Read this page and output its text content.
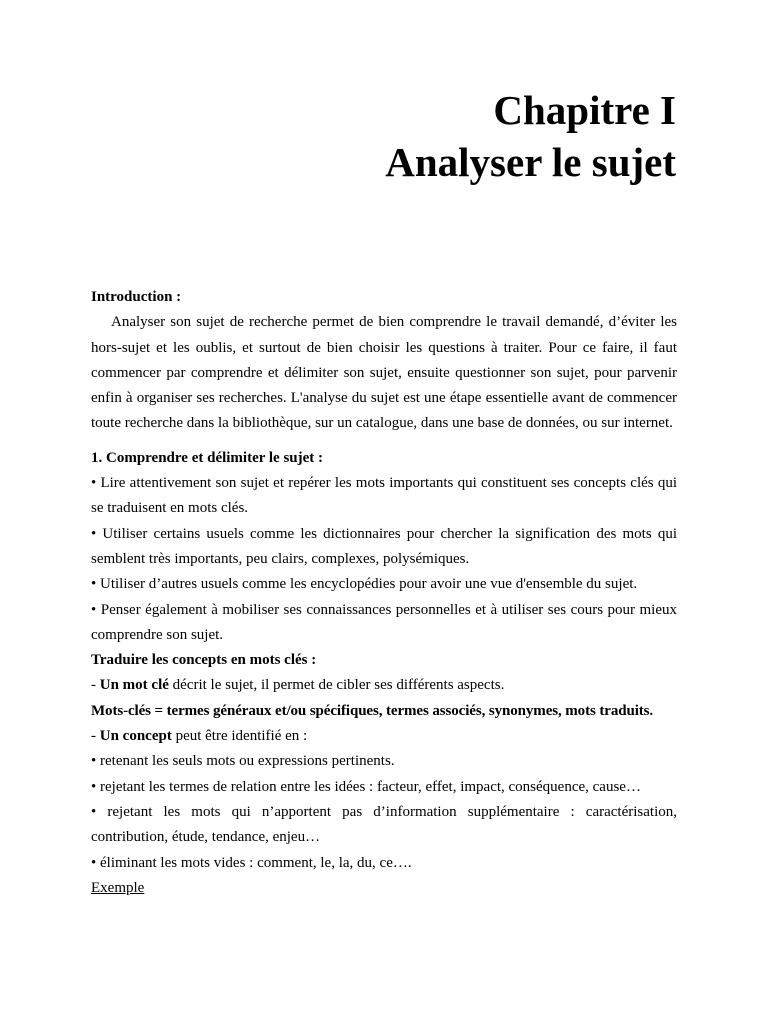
Chapitre I
Analyser le sujet

Introduction :

Analyser son sujet de recherche permet de bien comprendre le travail demandé, d’éviter les hors-sujet et les oublis, et surtout de bien choisir les questions à traiter. Pour ce faire, il faut commencer par comprendre et délimiter son sujet, ensuite questionner son sujet, pour parvenir enfin à organiser ses recherches. L'analyse du sujet est une étape essentielle avant de commencer toute recherche dans la bibliothèque, sur un catalogue, dans une base de données, ou sur internet.

1. Comprendre et délimiter le sujet :

• Lire attentivement son sujet et repérer les mots importants qui constituent ses concepts clés qui se traduisent en mots clés.

• Utiliser certains usuels comme les dictionnaires pour chercher la signification des mots qui semblent très importants, peu clairs, complexes, polysémiques.

• Utiliser d’autres usuels comme les encyclopédies pour avoir une vue d'ensemble du sujet.

• Penser également à mobiliser ses connaissances personnelles et à utiliser ses cours pour mieux comprendre son sujet.

Traduire les concepts en mots clés :

- Un mot clé décrit le sujet, il permet de cibler ses différents aspects.

Mots-clés = termes généraux et/ou spécifiques, termes associés, synonymes, mots traduits.

- Un concept peut être identifié en :

• retenant les seuls mots ou expressions pertinents.

• rejetant les termes de relation entre les idées : facteur, effet, impact, conséquence, cause…

• rejetant les mots qui n’apportent pas d’information supplémentaire : caractérisation, contribution, étude, tendance, enjeu…

• éliminant les mots vides : comment, le, la, du, ce….

Exemple
